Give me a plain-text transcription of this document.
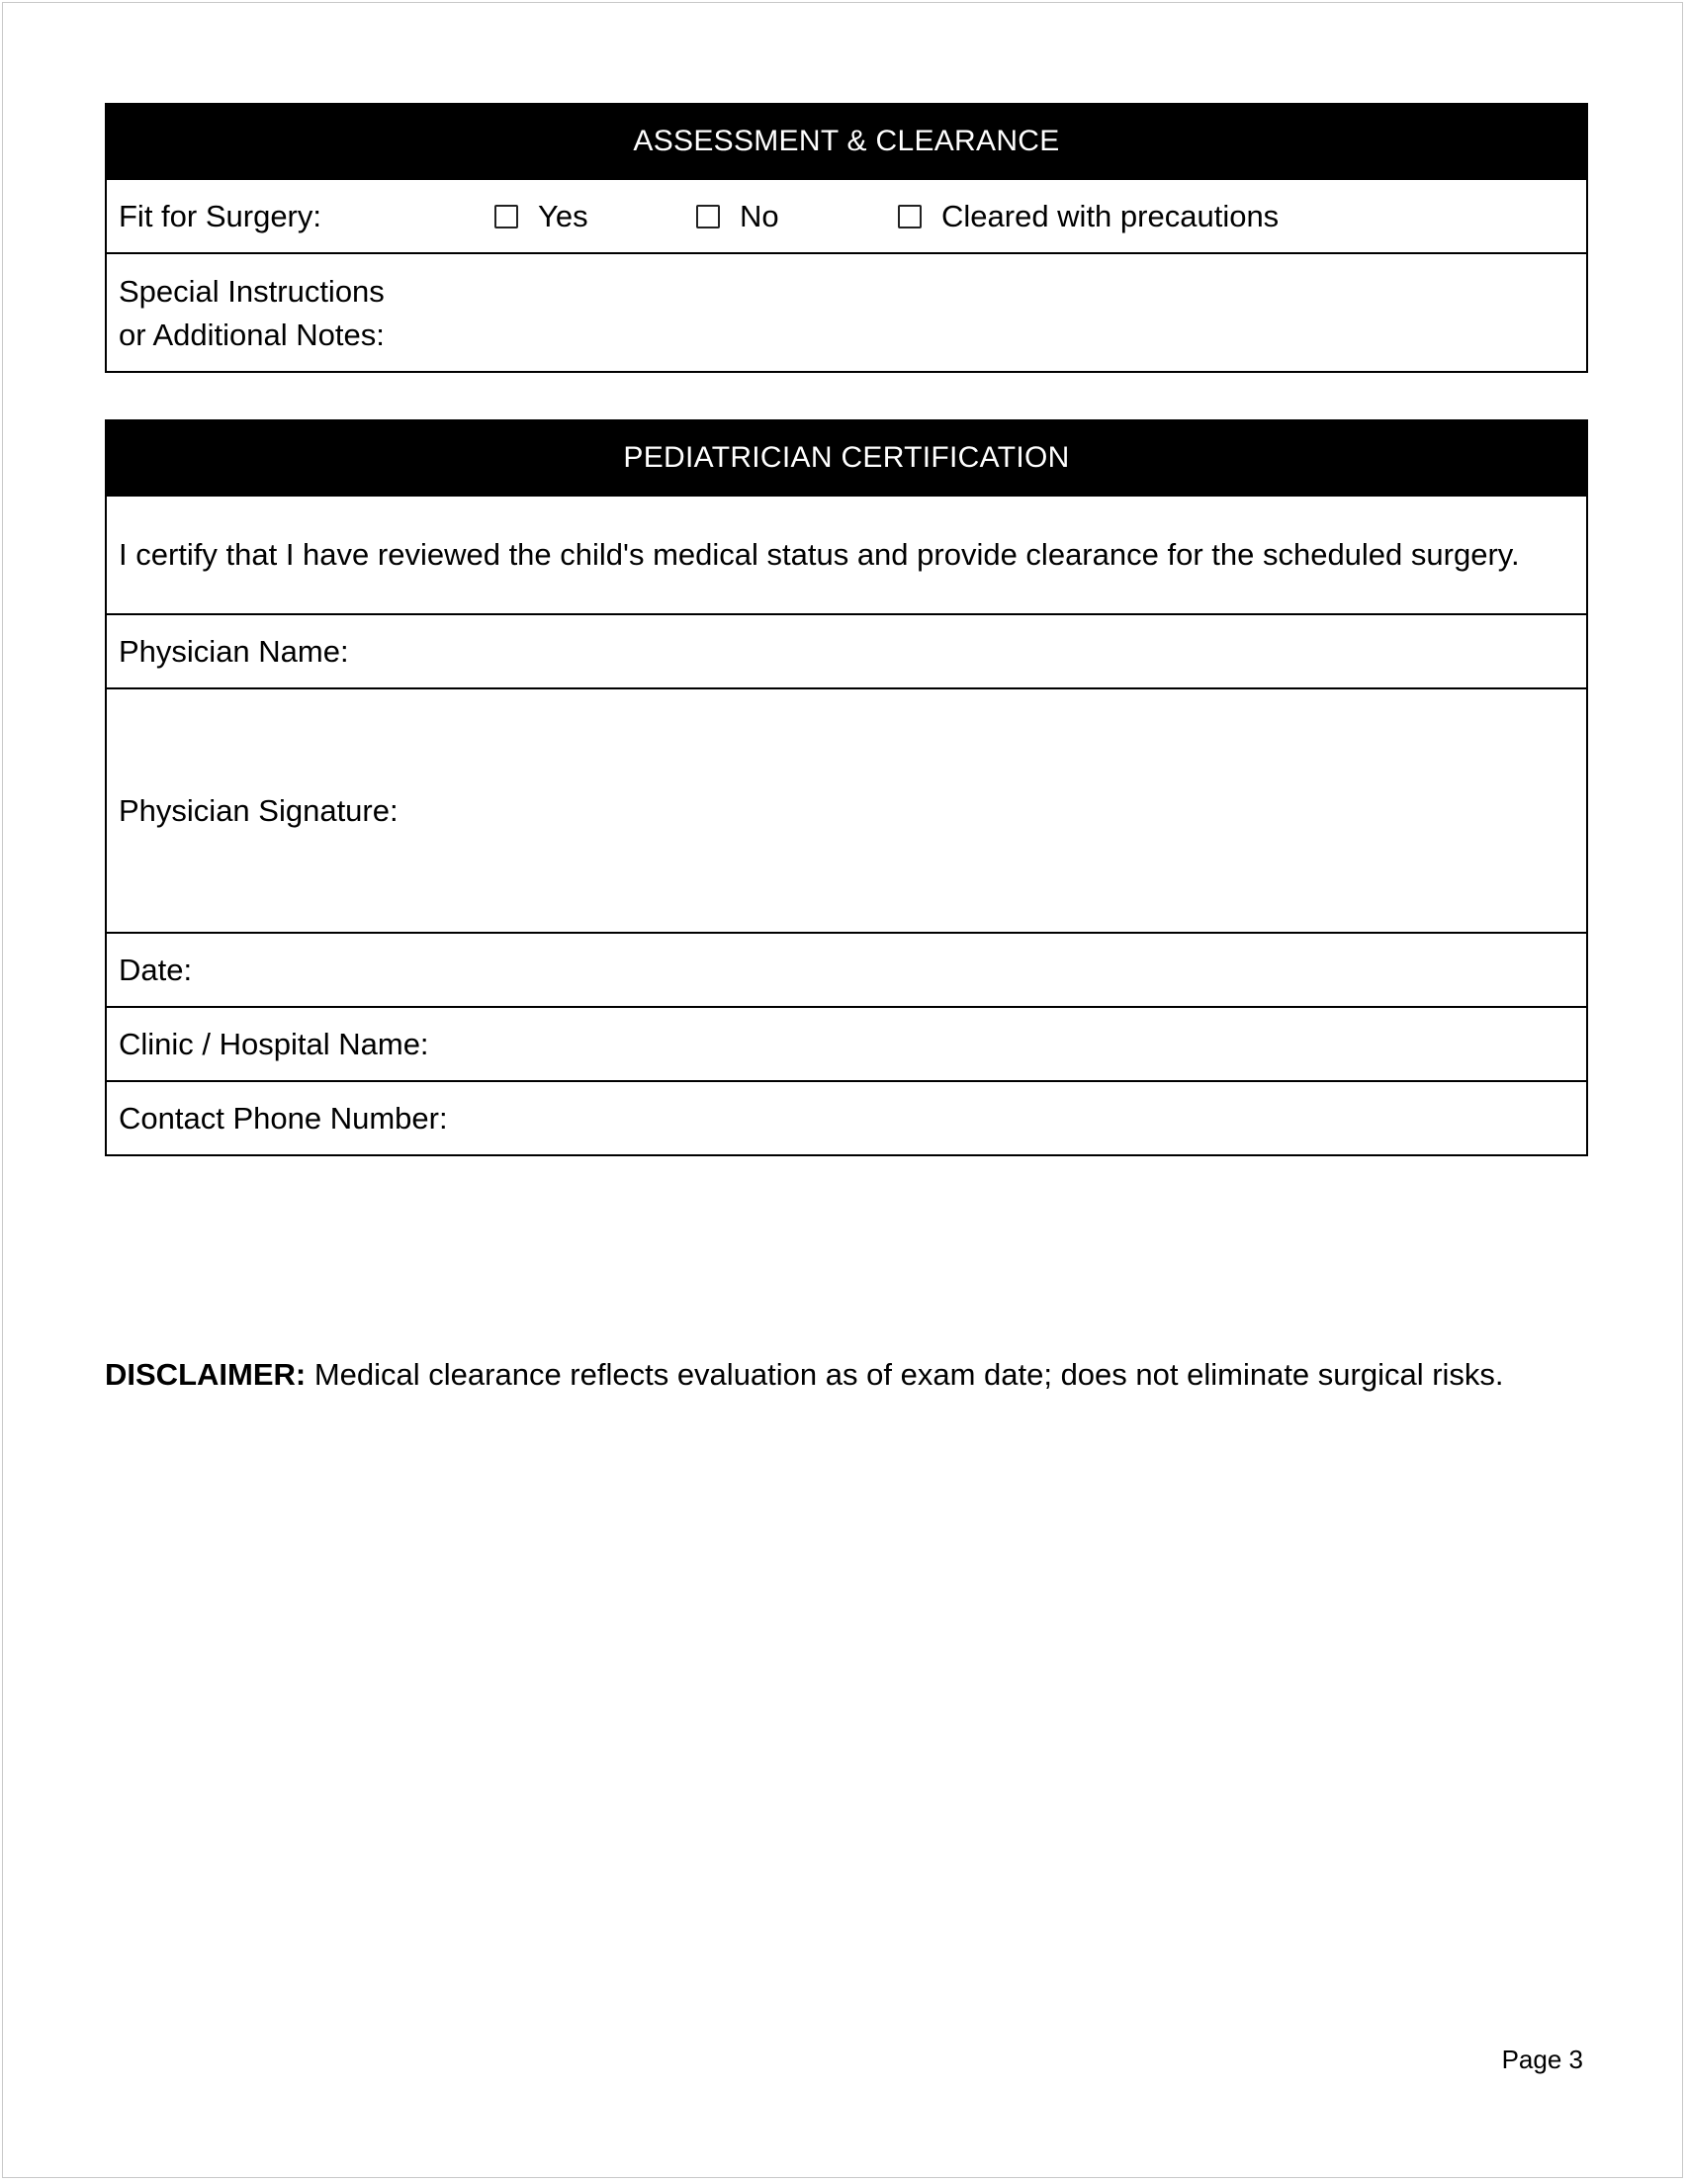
ASSESSMENT & CLEARANCE
Fit for Surgery:	Yes	No	Cleared with precautions
Special Instructions
or Additional Notes:
PEDIATRICIAN CERTIFICATION
I certify that I have reviewed the child's medical status and provide clearance for the scheduled surgery.
Physician Name:
Physician Signature:
Date:
Clinic / Hospital Name:
Contact Phone Number:
DISCLAIMER: Medical clearance reflects evaluation as of exam date; does not eliminate surgical risks.
Page 3
